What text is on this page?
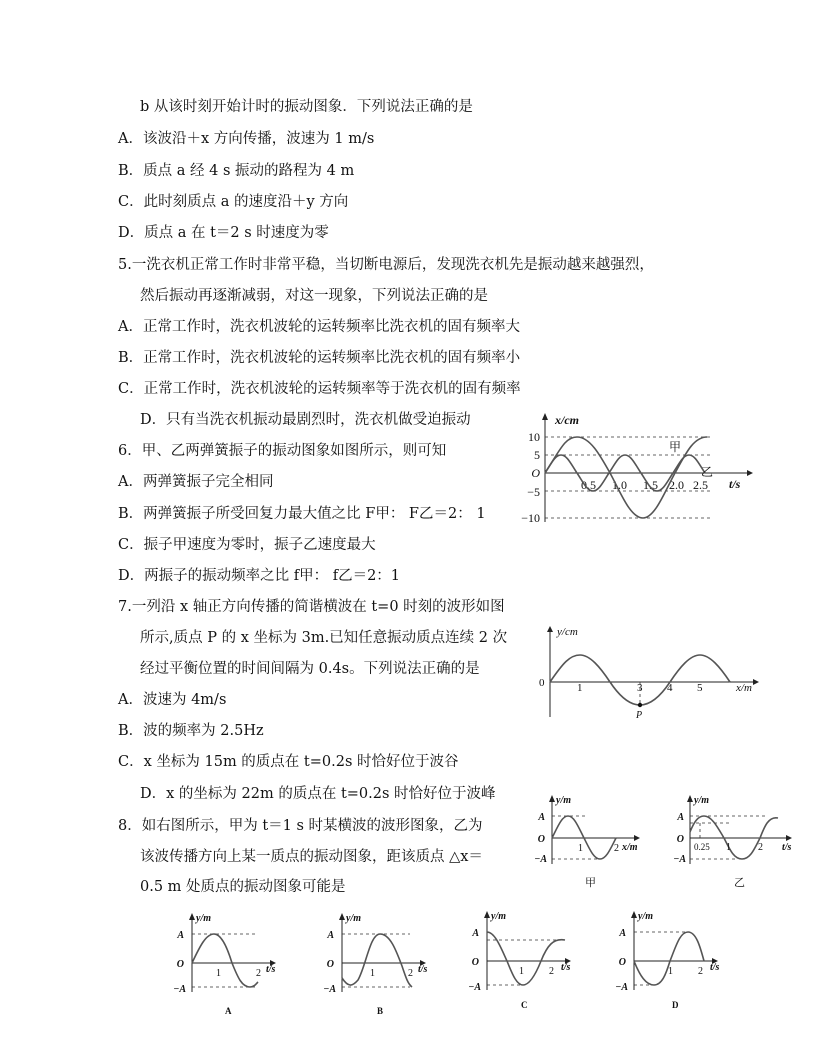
b 从该时刻开始计时的振动图象．下列说法正确的是
A．该波沿＋x 方向传播，波速为 1 m/s
B．质点 a 经 4 s 振动的路程为 4 m
C．此时刻质点 a 的速度沿＋y 方向
D．质点 a 在 t＝2 s 时速度为零
5.一洗衣机正常工作时非常平稳，当切断电源后，发现洗衣机先是振动越来越强烈，
然后振动再逐渐减弱，对这一现象，下列说法正确的是
A．正常工作时，洗衣机波轮的运转频率比洗衣机的固有频率大
B．正常工作时，洗衣机波轮的运转频率比洗衣机的固有频率小
C．正常工作时，洗衣机波轮的运转频率等于洗衣机的固有频率
D．只有当洗衣机振动最剧烈时，洗衣机做受迫振动
6．甲、乙两弹簧振子的振动图象如图所示，则可知
A．两弹簧振子完全相同
B．两弹簧振子所受回复力最大值之比 F甲： F乙＝2： 1
C．振子甲速度为零时，振子乙速度最大
D．两振子的振动频率之比 f甲： f乙＝2：1
7.一列沿 x 轴正方向传播的简谐横波在 t=0 时刻的波形如图
所示,质点 P 的 x 坐标为 3m.已知任意振动质点连续 2 次
经过平衡位置的时间间隔为 0.4s。下列说法正确的是
A．波速为 4m/s
B．波的频率为 2.5Hz
C．x 坐标为 15m 的质点在 t=0.2s 时恰好位于波谷
D．x 的坐标为 22m 的质点在 t=0.2s 时恰好位于波峰
8．如右图所示，甲为 t＝1 s 时某横波的波形图象，乙为
该波传播方向上某一质点的振动图象，距该质点 △x＝
0.5 m 处质点的振动图象可能是
x/cm
t/s
10
5
O
−5
−10
0.5 1.0 1.5 2.0 2.5
甲
乙
y/cm
x/m
0	1	3 4 5
P
y/m
x/m
A
O
−A
1	2
甲
y/m
t/s
A
O
−A
0.25 1	2
乙
y/m
t/s
A
O
−A
1	2
A
y/m
t/s
A
O
−A
1	2
B
y/m
t/s
A
O
−A
1	2
C
y/m
t/s
A
O
−A
1	2
D
